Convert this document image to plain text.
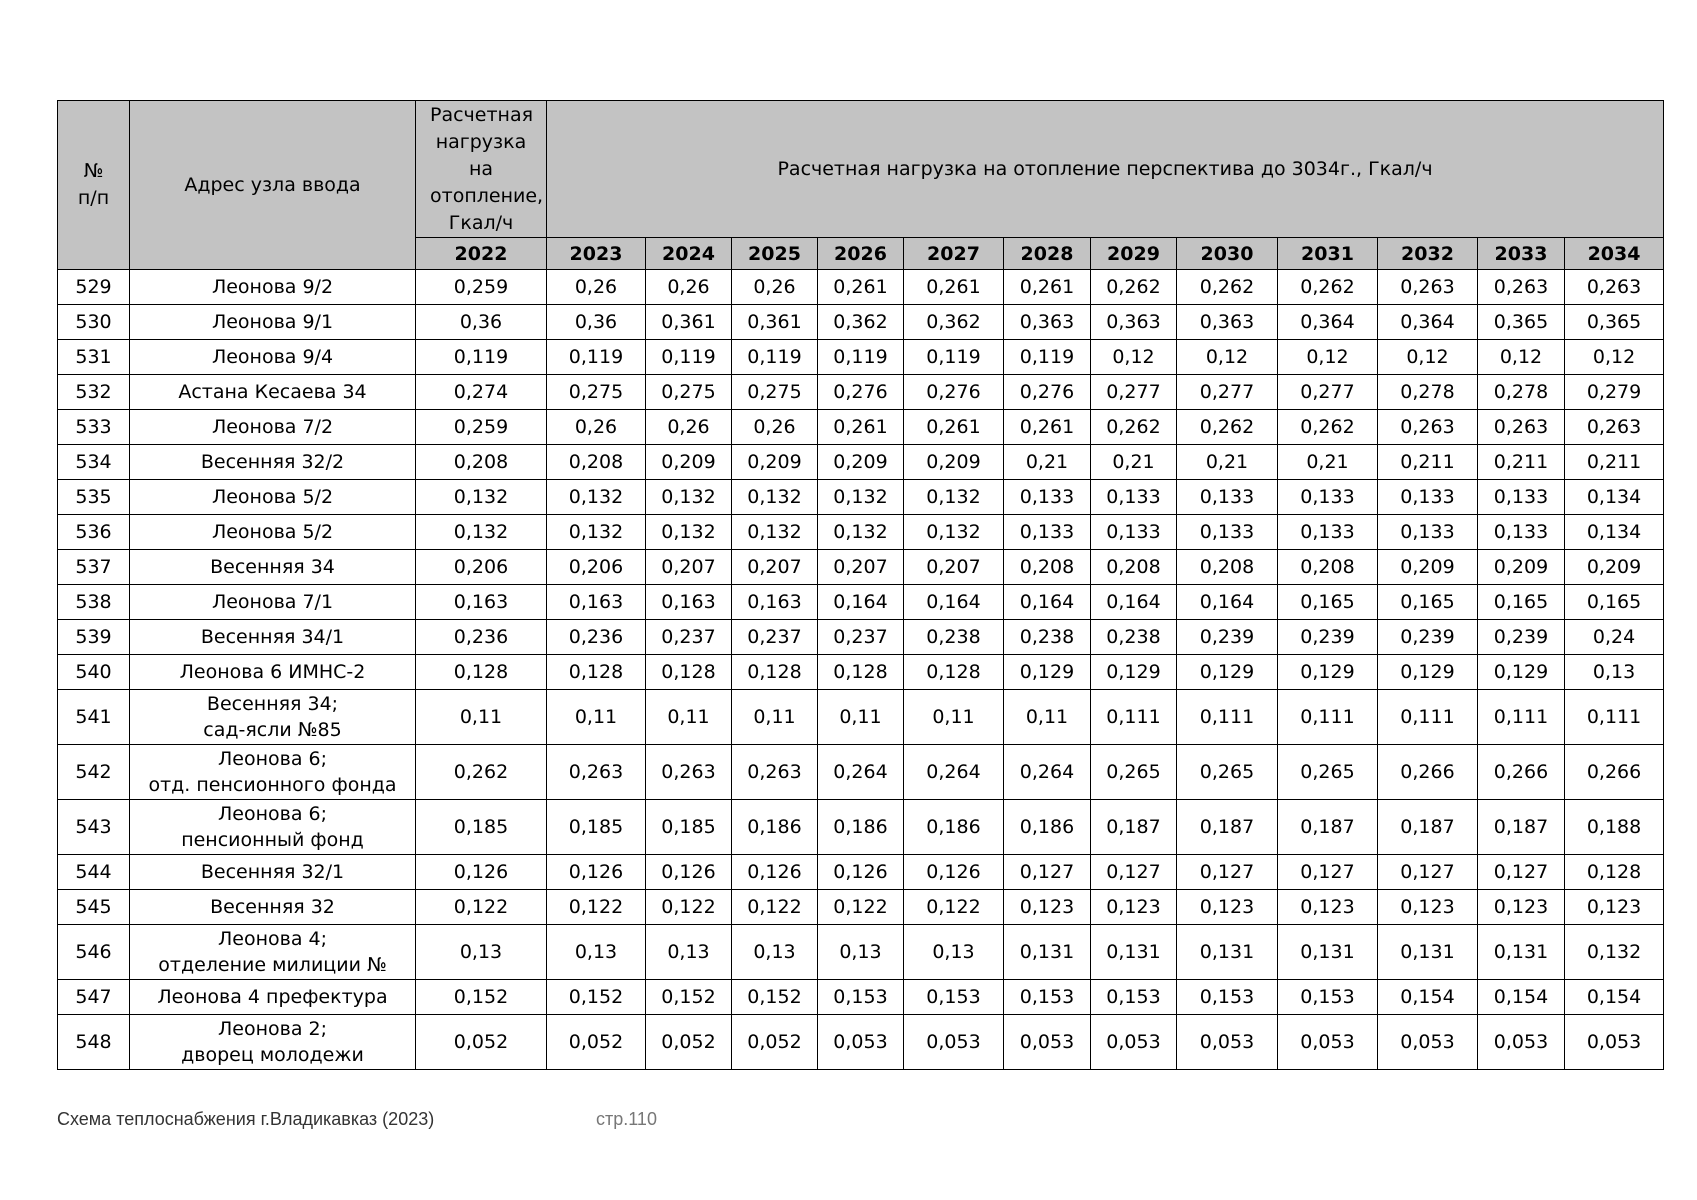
№ п/п	Адрес узла ввода	Расчетная нагрузка на отопление, Гкал/ч	Расчетная нагрузка на отопление перспектива до 3034г., Гкал/ч											
		2022	2023	2024	2025	2026	2027	2028	2029	2030	2031	2032	2033	2034
529	Леонова 9/2	0,259	0,26	0,26	0,26	0,261	0,261	0,261	0,262	0,262	0,262	0,263	0,263	0,263
530	Леонова 9/1	0,36	0,36	0,361	0,361	0,362	0,362	0,363	0,363	0,363	0,364	0,364	0,365	0,365
531	Леонова 9/4	0,119	0,119	0,119	0,119	0,119	0,119	0,119	0,12	0,12	0,12	0,12	0,12	0,12
532	Астана Кесаева 34	0,274	0,275	0,275	0,275	0,276	0,276	0,276	0,277	0,277	0,277	0,278	0,278	0,279
533	Леонова 7/2	0,259	0,26	0,26	0,26	0,261	0,261	0,261	0,262	0,262	0,262	0,263	0,263	0,263
534	Весенняя 32/2	0,208	0,208	0,209	0,209	0,209	0,209	0,21	0,21	0,21	0,21	0,211	0,211	0,211
535	Леонова 5/2	0,132	0,132	0,132	0,132	0,132	0,132	0,133	0,133	0,133	0,133	0,133	0,133	0,134
536	Леонова 5/2	0,132	0,132	0,132	0,132	0,132	0,132	0,133	0,133	0,133	0,133	0,133	0,133	0,134
537	Весенняя 34	0,206	0,206	0,207	0,207	0,207	0,207	0,208	0,208	0,208	0,208	0,209	0,209	0,209
538	Леонова 7/1	0,163	0,163	0,163	0,163	0,164	0,164	0,164	0,164	0,164	0,165	0,165	0,165	0,165
539	Весенняя 34/1	0,236	0,236	0,237	0,237	0,237	0,238	0,238	0,238	0,239	0,239	0,239	0,239	0,24
540	Леонова 6 ИМНС-2	0,128	0,128	0,128	0,128	0,128	0,128	0,129	0,129	0,129	0,129	0,129	0,129	0,13
541	Весенняя 34;
сад-ясли №85	0,11	0,11	0,11	0,11	0,11	0,11	0,11	0,111	0,111	0,111	0,111	0,111	0,111
542	Леонова 6;
отд. пенсионного фонда	0,262	0,263	0,263	0,263	0,264	0,264	0,264	0,265	0,265	0,265	0,266	0,266	0,266
543	Леонова 6;
пенсионный фонд	0,185	0,185	0,185	0,186	0,186	0,186	0,186	0,187	0,187	0,187	0,187	0,187	0,188
544	Весенняя 32/1	0,126	0,126	0,126	0,126	0,126	0,126	0,127	0,127	0,127	0,127	0,127	0,127	0,128
545	Весенняя 32	0,122	0,122	0,122	0,122	0,122	0,122	0,123	0,123	0,123	0,123	0,123	0,123	0,123
546	Леонова 4;
отделение милиции №	0,13	0,13	0,13	0,13	0,13	0,13	0,131	0,131	0,131	0,131	0,131	0,131	0,132
547	Леонова 4 префектура	0,152	0,152	0,152	0,152	0,153	0,153	0,153	0,153	0,153	0,153	0,154	0,154	0,154
548	Леонова 2;
дворец молодежи	0,052	0,052	0,052	0,052	0,053	0,053	0,053	0,053	0,053	0,053	0,053	0,053	0,053
Схема теплоснабжения г.Владикавказ (2023)	стр.110
